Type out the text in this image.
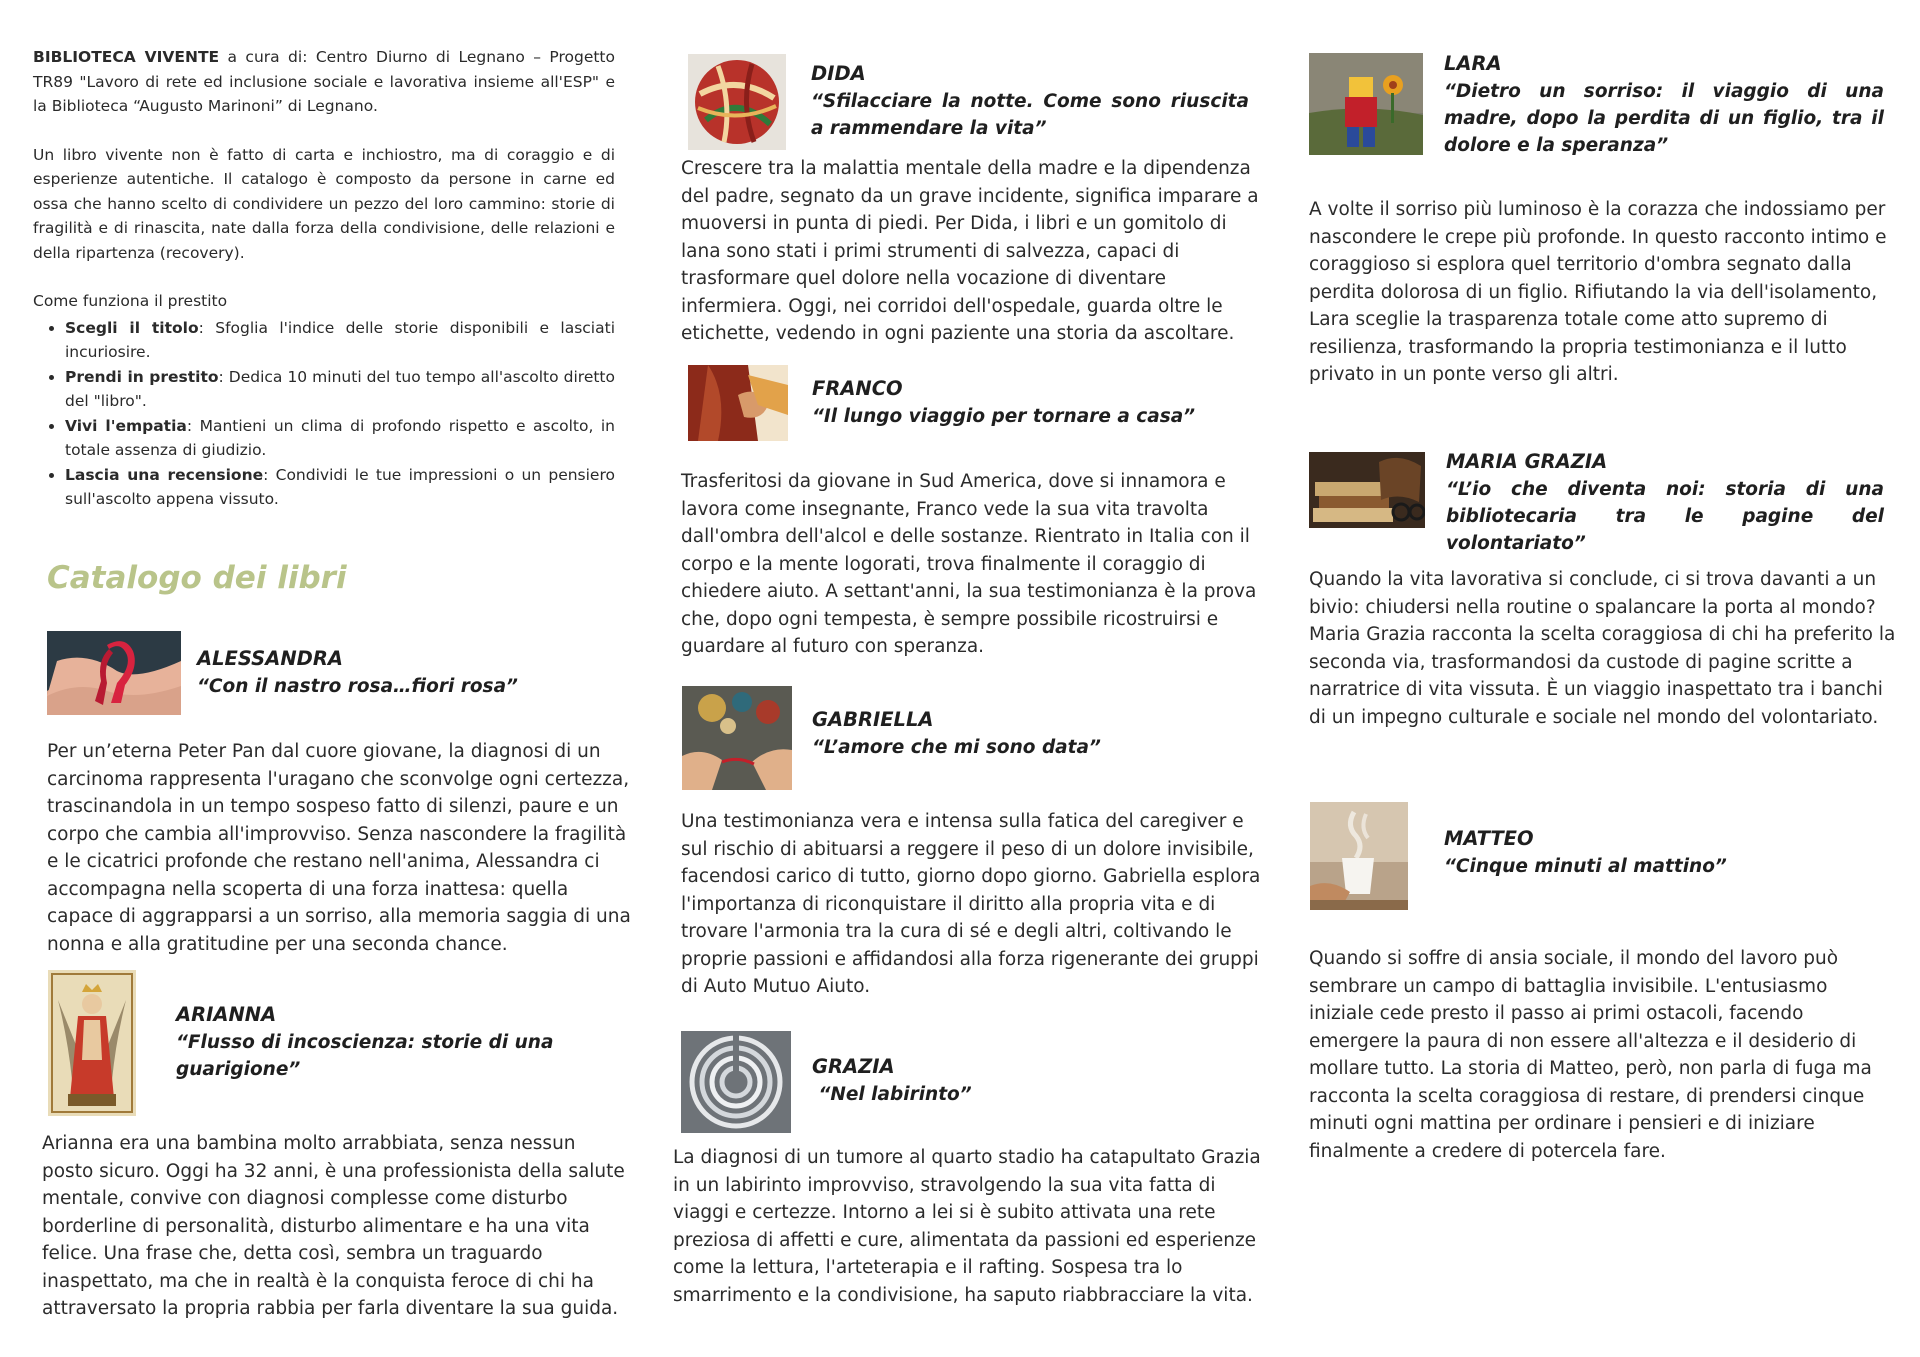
BIBLIOTECA VIVENTE a cura di: Centro Diurno di Legnano – Progetto TR89 "Lavoro di rete ed inclusione sociale e lavorativa insieme all'ESP" e la Biblioteca “Augusto Marinoni” di Legnano.
Un libro vivente non è fatto di carta e inchiostro, ma di coraggio e di esperienze autentiche. Il catalogo è composto da persone in carne ed ossa che hanno scelto di condividere un pezzo del loro cammino: storie di fragilità e di rinascita, nate dalla forza della condivisione, delle relazioni e della ripartenza (recovery).
Come funziona il prestito
• Scegli il titolo: Sfoglia l'indice delle storie disponibili e lasciati incuriosire.
• Prendi in prestito: Dedica 10 minuti del tuo tempo all'ascolto diretto del "libro".
• Vivi l'empatia: Mantieni un clima di profondo rispetto e ascolto, in totale assenza di giudizio.
• Lascia una recensione: Condividi le tue impressioni o un pensiero sull'ascolto appena vissuto.
Catalogo dei libri
ALESSANDRA
“Con il nastro rosa…fiori rosa”
Per un’eterna Peter Pan dal cuore giovane, la diagnosi di un carcinoma rappresenta l'uragano che sconvolge ogni certezza, trascinandola in un tempo sospeso fatto di silenzi, paure e un corpo che cambia all'improvviso. Senza nascondere la fragilità e le cicatrici profonde che restano nell'anima, Alessandra ci accompagna nella scoperta di una forza inattesa: quella capace di aggrapparsi a un sorriso, alla memoria saggia di una nonna e alla gratitudine per una seconda chance.
ARIANNA
“Flusso di incoscienza: storie di una guarigione”
Arianna era una bambina molto arrabbiata, senza nessun posto sicuro. Oggi ha 32 anni, è una professionista della salute mentale, convive con diagnosi complesse come disturbo borderline di personalità, disturbo alimentare e ha una vita felice. Una frase che, detta così, sembra un traguardo inaspettato, ma che in realtà è la conquista feroce di chi ha attraversato la propria rabbia per farla diventare la sua guida.
DIDA
“Sfilacciare la notte. Come sono riuscita a rammendare la vita”
Crescere tra la malattia mentale della madre e la dipendenza del padre, segnato da un grave incidente, significa imparare a muoversi in punta di piedi. Per Dida, i libri e un gomitolo di lana sono stati i primi strumenti di salvezza, capaci di trasformare quel dolore nella vocazione di diventare infermiera. Oggi, nei corridoi dell'ospedale, guarda oltre le etichette, vedendo in ogni paziente una storia da ascoltare.
FRANCO
“Il lungo viaggio per tornare a casa”
Trasferitosi da giovane in Sud America, dove si innamora e lavora come insegnante, Franco vede la sua vita travolta dall'ombra dell'alcol e delle sostanze. Rientrato in Italia con il corpo e la mente logorati, trova finalmente il coraggio di chiedere aiuto. A settant'anni, la sua testimonianza è la prova che, dopo ogni tempesta, è sempre possibile ricostruirsi e guardare al futuro con speranza.
GABRIELLA
“L’amore che mi sono data”
Una testimonianza vera e intensa sulla fatica del caregiver e sul rischio di abituarsi a reggere il peso di un dolore invisibile, facendosi carico di tutto, giorno dopo giorno. Gabriella esplora l'importanza di riconquistare il diritto alla propria vita e di trovare l'armonia tra la cura di sé e degli altri, coltivando le proprie passioni e affidandosi alla forza rigenerante dei gruppi di Auto Mutuo Aiuto.
GRAZIA
“Nel labirinto”
La diagnosi di un tumore al quarto stadio ha catapultato Grazia in un labirinto improvviso, stravolgendo la sua vita fatta di viaggi e certezze. Intorno a lei si è subito attivata una rete preziosa di affetti e cure, alimentata da passioni ed esperienze come la lettura, l'arteterapia e il rafting. Sospesa tra lo smarrimento e la condivisione, ha saputo riabbracciare la vita.
LARA
“Dietro un sorriso: il viaggio di una madre, dopo la perdita di un figlio, tra il dolore e la speranza”
A volte il sorriso più luminoso è la corazza che indossiamo per nascondere le crepe più profonde. In questo racconto intimo e coraggioso si esplora quel territorio d'ombra segnato dalla perdita dolorosa di un figlio. Rifiutando la via dell'isolamento, Lara sceglie la trasparenza totale come atto supremo di resilienza, trasformando la propria testimonianza e il lutto privato in un ponte verso gli altri.
MARIA GRAZIA
“L’io che diventa noi: storia di una bibliotecaria tra le pagine del volontariato”
Quando la vita lavorativa si conclude, ci si trova davanti a un bivio: chiudersi nella routine o spalancare la porta al mondo? Maria Grazia racconta la scelta coraggiosa di chi ha preferito la seconda via, trasformandosi da custode di pagine scritte a narratrice di vita vissuta. È un viaggio inaspettato tra i banchi di un impegno culturale e sociale nel mondo del volontariato.
MATTEO
“Cinque minuti al mattino”
Quando si soffre di ansia sociale, il mondo del lavoro può sembrare un campo di battaglia invisibile. L'entusiasmo iniziale cede presto il passo ai primi ostacoli, facendo emergere la paura di non essere all'altezza e il desiderio di mollare tutto. La storia di Matteo, però, non parla di fuga ma racconta la scelta coraggiosa di restare, di prendersi cinque minuti ogni mattina per ordinare i pensieri e di iniziare finalmente a credere di potercela fare.
